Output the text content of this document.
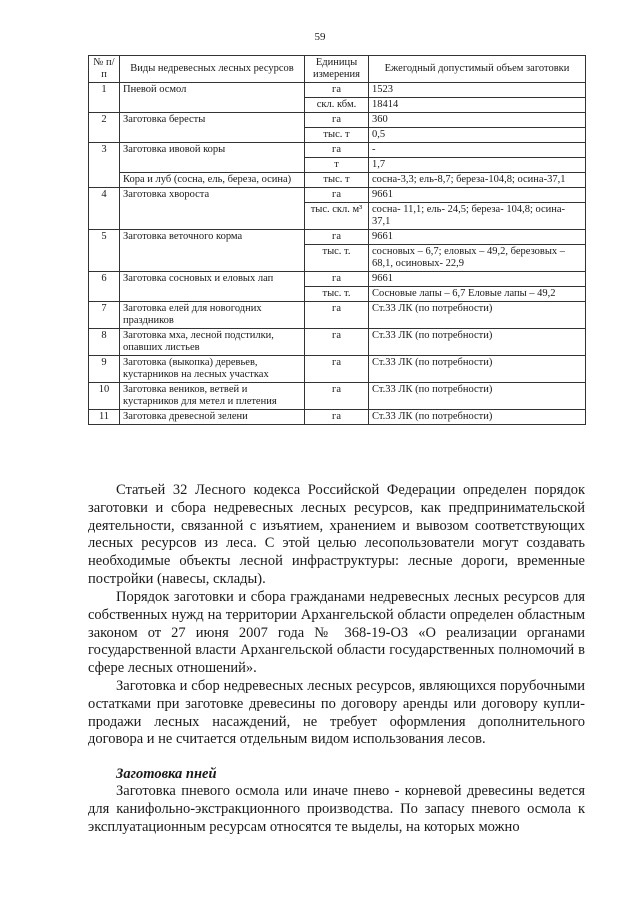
59
№ п/п	Виды недревесных лесных ресурсов	Единицы измерения	Ежегодный допустимый объем заготовки
1	Пневой осмол	га	1523
		скл. кбм.	18414
2	Заготовка бересты	га	360
		тыс. т	0,5
3	Заготовка ивовой коры	га	-
		т	1,7
	Кора и луб (сосна, ель, береза, осина)	тыс. т	сосна-3,3; ель-8,7; береза-104,8; осина-37,1
4	Заготовка хвороста	га	9661
		тыс. скл. м³	сосна- 11,1; ель- 24,5; береза- 104,8; осина- 37,1
5	Заготовка веточного корма	га	9661
		тыс. т.	сосновых – 6,7; еловых – 49,2, березовых – 68,1, осиновых- 22,9
6	Заготовка сосновых и еловых лап	га	9661
		тыс. т.	Сосновые лапы – 6,7 Еловые лапы – 49,2
7	Заготовка елей для новогодних праздников	га	Ст.33 ЛК (по потребности)
8	Заготовка мха, лесной подстилки, опавших листьев	га	Ст.33 ЛК (по потребности)
9	Заготовка (выкопка) деревьев, кустарников на лесных участках	га	Ст.33 ЛК (по потребности)
10	Заготовка веников, ветвей и кустарников для метел и плетения	га	Ст.33 ЛК (по потребности)
11	Заготовка древесной зелени	га	Ст.33 ЛК (по потребности)
Статьей 32 Лесного кодекса Российской Федерации определен порядок заготовки и сбора недревесных лесных ресурсов, как предпринимательской деятельности, связанной с изъятием, хранением и вывозом соответствующих лесных ресурсов из леса. С этой целью лесопользователи могут создавать необходимые объекты лесной инфраструктуры: лесные дороги, временные постройки (навесы, склады).
Порядок заготовки и сбора гражданами недревесных лесных ресурсов для собственных нужд на территории Архангельской области определен областным законом от 27 июня 2007 года № 368-19-ОЗ «О реализации органами государственной власти Архангельской области государственных полномочий в сфере лесных отношений».
Заготовка и сбор недревесных лесных ресурсов, являющихся порубочными остатками при заготовке древесины по договору аренды или договору купли-продажи лесных насаждений, не требует оформления дополнительного договора и не считается отдельным видом использования лесов.
Заготовка пней
Заготовка пневого осмола или иначе пнево - корневой древесины ведется для канифольно-экстракционного производства. По запасу пневого осмола к эксплуатационным ресурсам относятся те выделы, на которых можно
